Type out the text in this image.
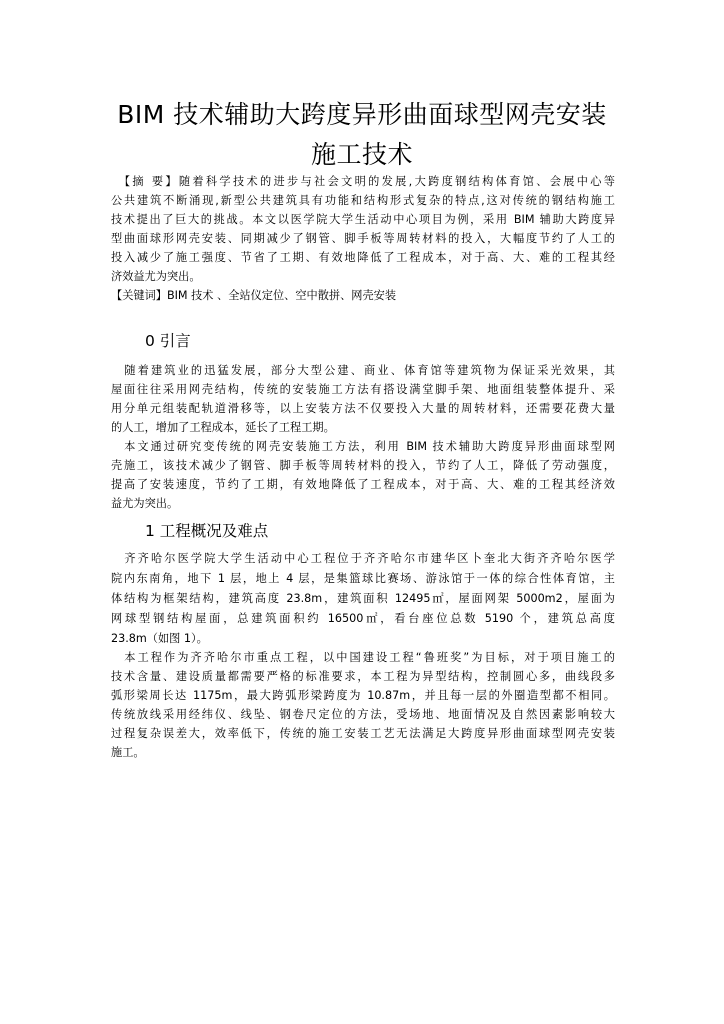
BIM 技术辅助大跨度异形曲面球型网壳安装
施工技术
　【摘 要】随着科学技术的进步与社会文明的发展,大跨度钢结构体育馆、会展中心等
公共建筑不断涌现,新型公共建筑具有功能和结构形式复杂的特点,这对传统的钢结构施工
技术提出了巨大的挑战。本文以医学院大学生活动中心项目为例，采用 BIM 辅助大跨度异
型曲面球形网壳安装、同期减少了钢管、脚手板等周转材料的投入，大幅度节约了人工的
投入减少了施工强度、节省了工期、有效地降低了工程成本，对于高、大、难的工程其经
济效益尤为突出。
【关键词】BIM 技术 、全站仪定位、空中散拼、网壳安装
0 引言
　随着建筑业的迅猛发展，部分大型公建、商业、体育馆等建筑物为保证采光效果，其
屋面往往采用网壳结构，传统的安装施工方法有搭设满堂脚手架、地面组装整体提升、采
用分单元组装配轨道滑移等，以上安装方法不仅要投入大量的周转材料，还需要花费大量
的人工，增加了工程成本，延长了工程工期。
　本文通过研究变传统的网壳安装施工方法，利用 BIM 技术辅助大跨度异形曲面球型网
壳施工，该技术减少了钢管、脚手板等周转材料的投入，节约了人工，降低了劳动强度，
提高了安装速度，节约了工期，有效地降低了工程成本，对于高、大、难的工程其经济效
益尤为突出。
1 工程概况及难点
　齐齐哈尔医学院大学生活动中心工程位于齐齐哈尔市建华区卜奎北大街齐齐哈尔医学
院内东南角，地下 1 层，地上 4 层，是集篮球比赛场、游泳馆于一体的综合性体育馆，主
体结构为框架结构，建筑高度 23.8m，建筑面积 12495㎡，屋面网架 5000m2，屋面为
网球型钢结构屋面，总建筑面积约 16500㎡，看台座位总数 5190 个，建筑总高度
23.8m（如图 1）。
　本工程作为齐齐哈尔市重点工程，以中国建设工程“鲁班奖”为目标，对于项目施工的
技术含量、建设质量都需要严格的标准要求，本工程为异型结构，控制圆心多，曲线段多
弧形梁周长达 1175m，最大跨弧形梁跨度为 10.87m，并且每一层的外圈造型都不相同。
传统放线采用经纬仪、线坠、钢卷尺定位的方法，受场地、地面情况及自然因素影响较大
过程复杂误差大，效率低下，传统的施工安装工艺无法满足大跨度异形曲面球型网壳安装
施工。
